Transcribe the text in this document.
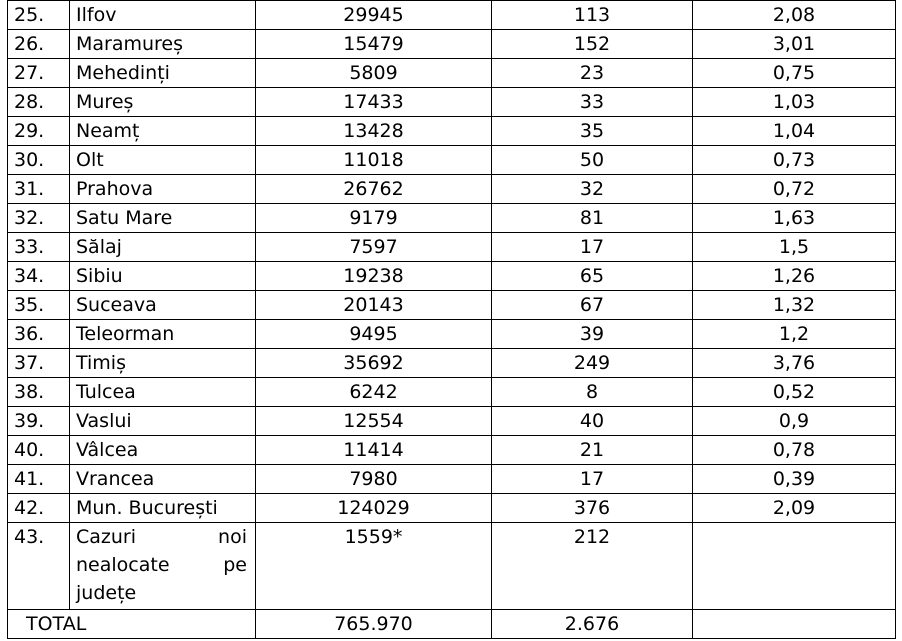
25.	Ilfov	29945	113	2,08
26.	Maramureș	15479	152	3,01
27.	Mehedinți	5809	23	0,75
28.	Mureș	17433	33	1,03
29.	Neamț	13428	35	1,04
30.	Olt	11018	50	0,73
31.	Prahova	26762	32	0,72
32.	Satu Mare	9179	81	1,63
33.	Sălaj	7597	17	1,5
34.	Sibiu	19238	65	1,26
35.	Suceava	20143	67	1,32
36.	Teleorman	9495	39	1,2
37.	Timiș	35692	249	3,76
38.	Tulcea	6242	8	0,52
39.	Vaslui	12554	40	0,9
40.	Vâlcea	11414	21	0,78
41.	Vrancea	7980	17	0,39
42.	Mun. București	124029	376	2,09
43.	Cazuri noi
nealocate pe
județe	1559*	212	
TOTAL		765.970	2.676	
